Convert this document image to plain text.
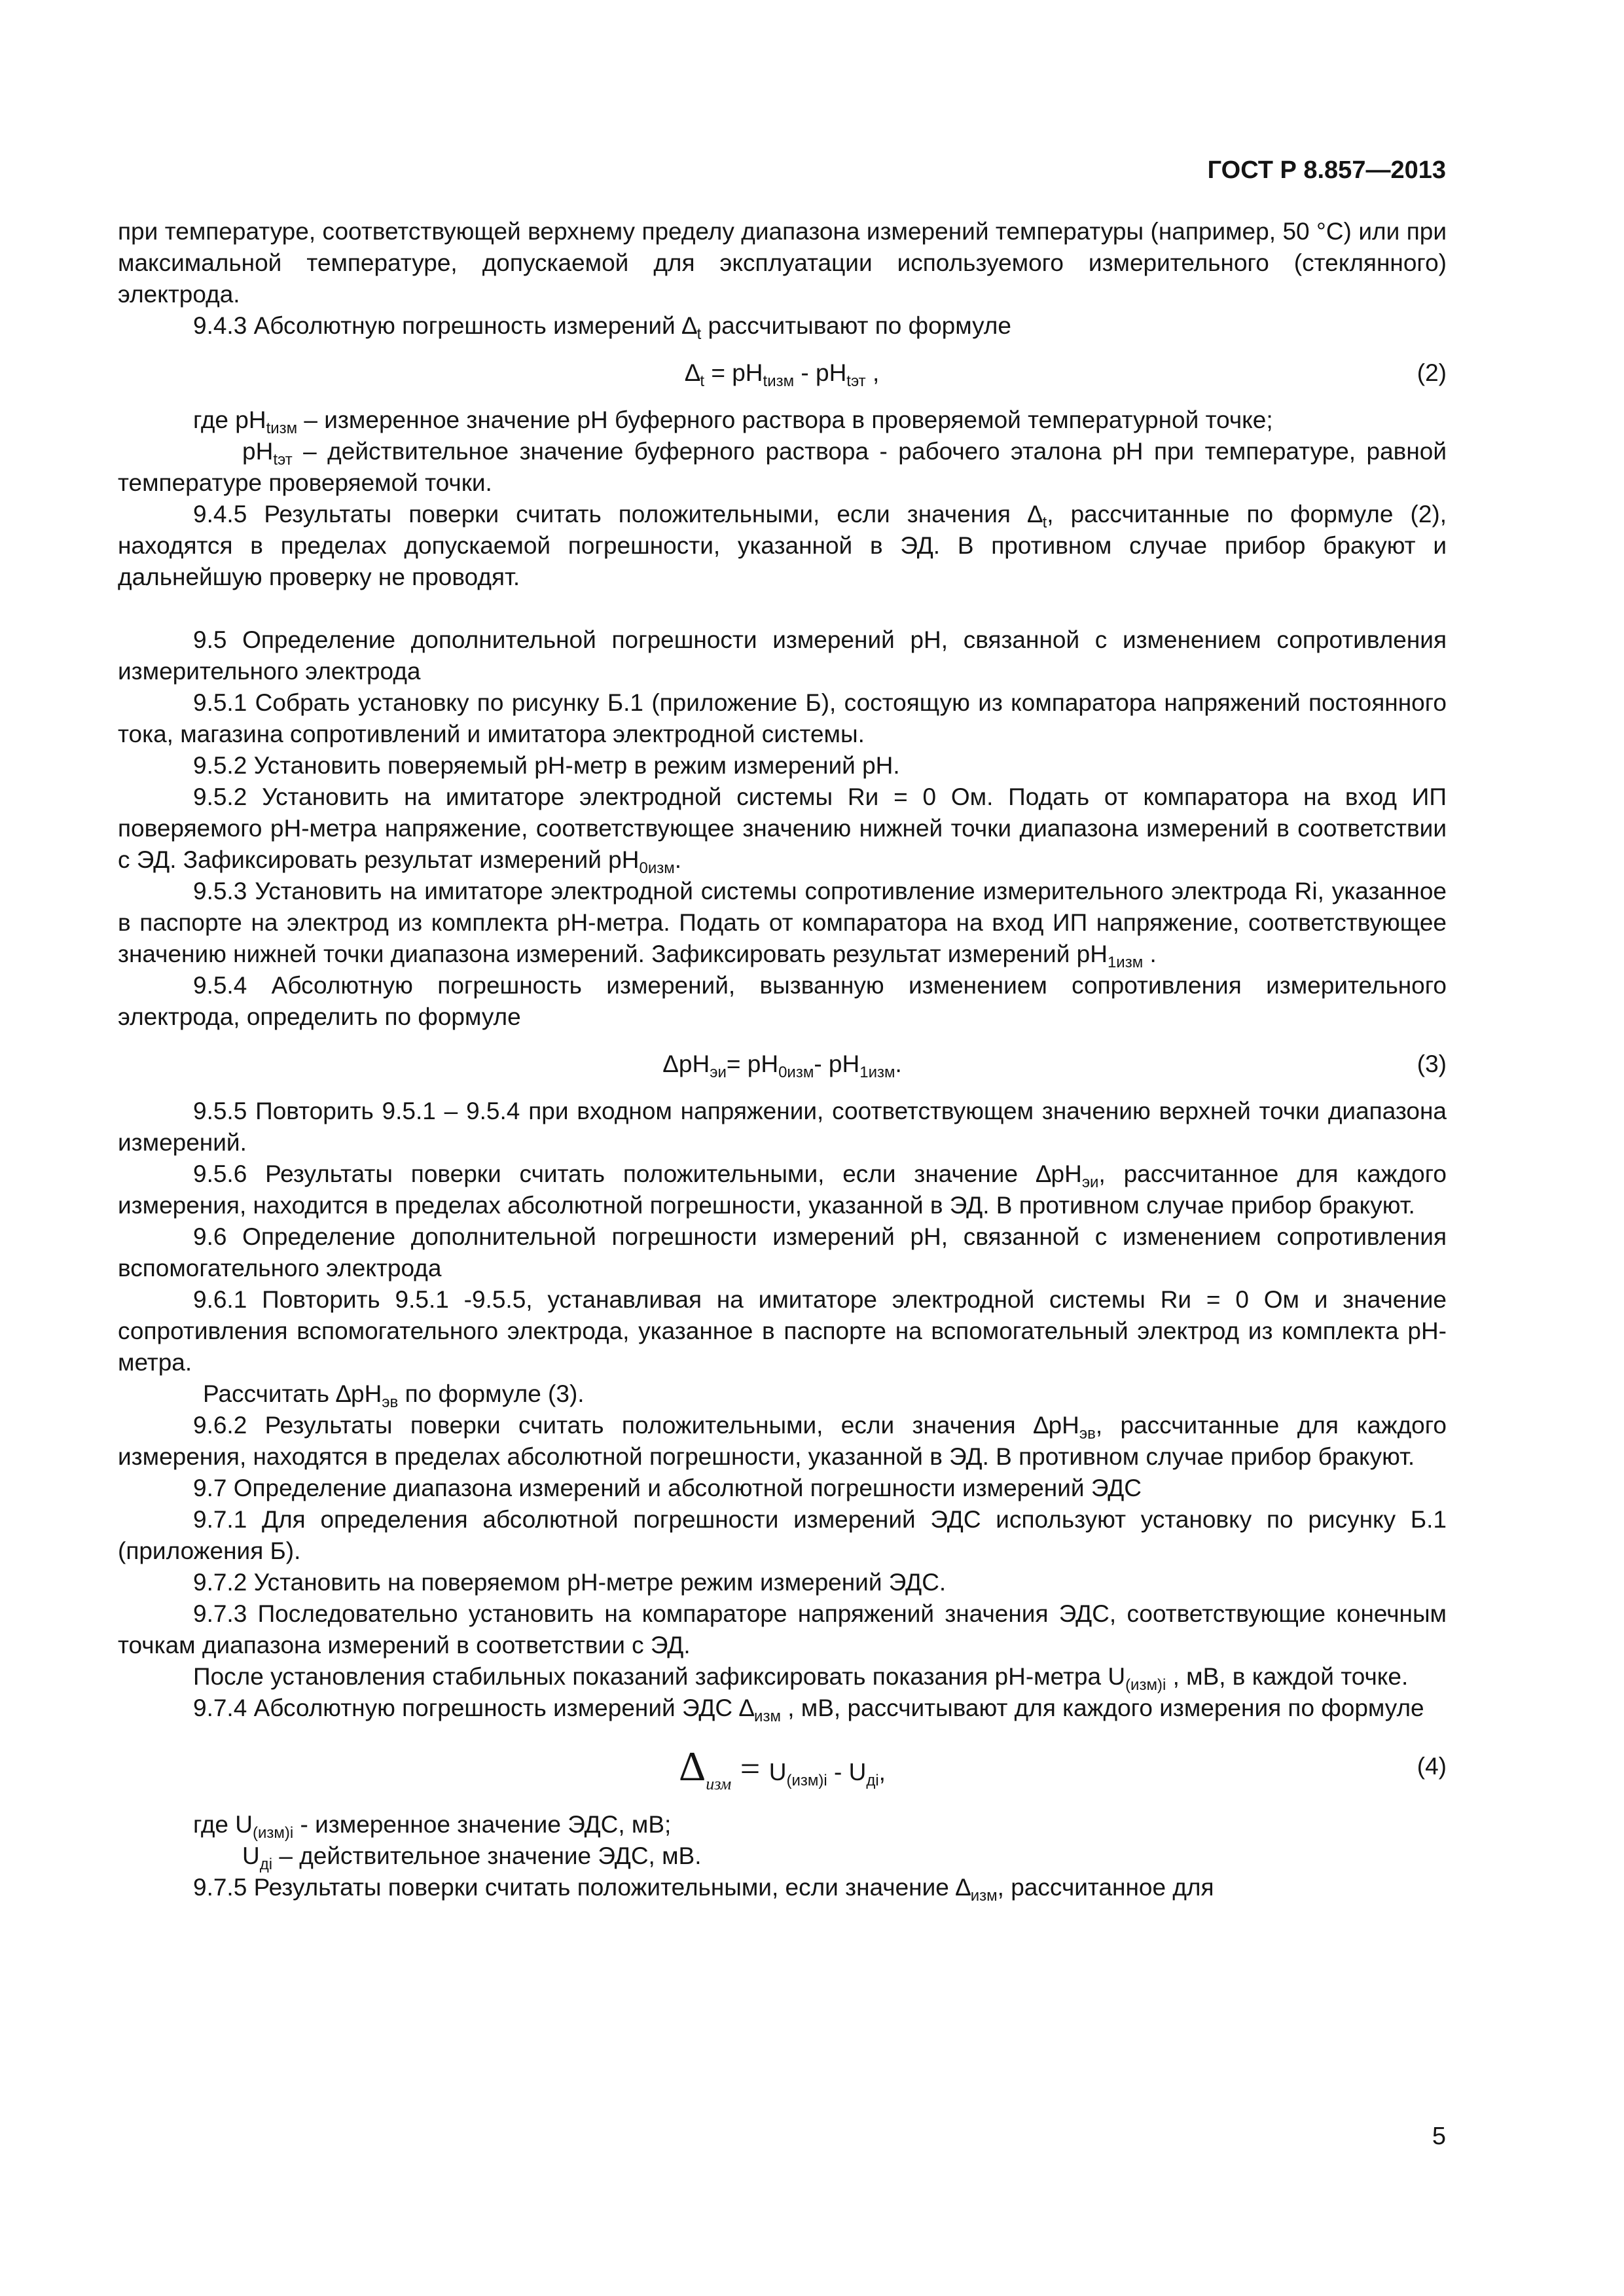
ГОСТ Р 8.857—2013

при температуре, соответствующей верхнему пределу диапазона измерений температуры (например, 50 °С) или при максимальной температуре, допускаемой для эксплуатации используемого измерительного (стеклянного) электрода.

9.4.3 Абсолютную погрешность измерений $\Delta_t$ рассчитывают по формуле

$\Delta_t = pH_{tизм} - pH_{tэт}$ ,	(2)

где $pH_{tизм}$ – измеренное значение pH буферного раствора в проверяемой температурной точке;

$pH_{tэт}$ – действительное значение буферного раствора - рабочего эталона pH при температуре, равной температуре проверяемой точки.

9.4.5 Результаты поверки считать положительными, если значения $\Delta_t$, рассчитанные по формуле (2), находятся в пределах допускаемой погрешности, указанной в ЭД. В противном случае прибор бракуют и дальнейшую проверку не проводят.

9.5 Определение дополнительной погрешности измерений pH, связанной с изменением сопротивления измерительного электрода

9.5.1 Собрать установку по рисунку Б.1 (приложение Б), состоящую из компаратора напряжений постоянного тока, магазина сопротивлений и имитатора электродной системы.

9.5.2 Установить поверяемый pH-метр в режим измерений pH.

9.5.2 Установить на имитаторе электродной системы Rи = 0 Ом. Подать от компаратора на вход ИП поверяемого pH-метра напряжение, соответствующее значению нижней точки диапазона измерений в соответствии с ЭД. Зафиксировать результат измерений $pH_{0изм}$.

9.5.3 Установить на имитаторе электродной системы сопротивление измерительного электрода Ri, указанное в паспорте на электрод из комплекта pH-метра. Подать от компаратора на вход ИП напряжение, соответствующее значению нижней точки диапазона измерений. Зафиксировать результат измерений $pH_{1изм}$ .

9.5.4 Абсолютную погрешность измерений, вызванную изменением сопротивления измерительного электрода, определить по формуле

$\Delta pH_{эи}= pH_{0изм}-$ $pH_{1изм}$.	(3)

9.5.5 Повторить 9.5.1 – 9.5.4 при входном напряжении, соответствующем значению верхней точки диапазона измерений.

9.5.6 Результаты поверки считать положительными, если значение $\Delta pH_{эи}$, рассчитанное для каждого измерения, находится в пределах абсолютной погрешности, указанной в ЭД. В противном случае прибор бракуют.

9.6 Определение дополнительной погрешности измерений pH, связанной с изменением сопротивления вспомогательного электрода

9.6.1 Повторить 9.5.1 -9.5.5, устанавливая на имитаторе электродной системы Rи = 0 Ом и значение сопротивления вспомогательного электрода, указанное в паспорте на вспомогательный электрод из комплекта pH-метра.

Рассчитать $\Delta pH_{эв}$ по формуле (3).

9.6.2 Результаты поверки считать положительными, если значения $\Delta pH_{эв}$, рассчитанные для каждого измерения, находятся в пределах абсолютной погрешности, указанной в ЭД. В противном случае прибор бракуют.

9.7 Определение диапазона измерений и абсолютной погрешности измерений ЭДС

9.7.1 Для определения абсолютной погрешности измерений ЭДС используют установку по рисунку Б.1 (приложения Б).

9.7.2 Установить на поверяемом pH-метре режим измерений ЭДС.

9.7.3 Последовательно установить на компараторе напряжений значения ЭДС, соответствующие конечным точкам диапазона измерений в соответствии с ЭД.

После установления стабильных показаний зафиксировать показания pH-метра $U_{(изм)i}$ , мВ, в каждой точке.

9.7.4 Абсолютную погрешность измерений ЭДС $\Delta_{изм}$ , мВ, рассчитывают для каждого измерения по формуле

$\Delta_{изм} = U_{(изм)i} - U_{дi}$,	(4)

где $U_{(изм)i}$ - измеренное значение ЭДС, мВ;

$U_{дi}$ – действительное значение ЭДС, мВ.

9.7.5 Результаты поверки считать положительными, если значение $\Delta_{изм}$, рассчитанное для

5
